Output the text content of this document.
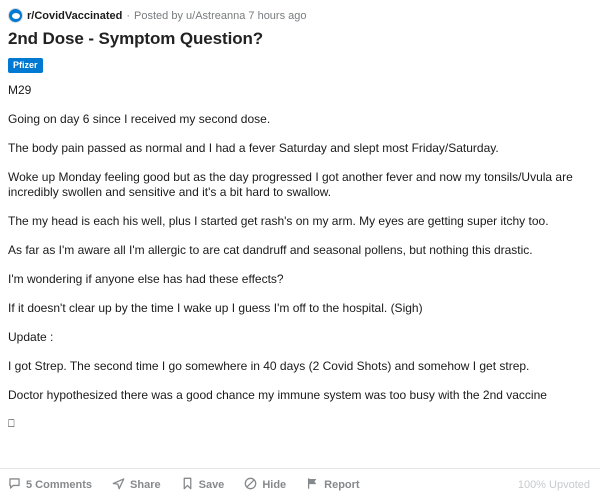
r/CovidVaccinated · Posted by u/Astreanna 7 hours ago
2nd Dose - Symptom Question?
Pfizer

M29

Going on day 6 since I received my second dose.

The body pain passed as normal and I had a fever Saturday and slept most Friday/Saturday.

Woke up Monday feeling good but as the day progressed I got another fever and now my tonsils/Uvula are incredibly swollen and sensitive and it's a bit hard to swallow.

The my head is each his well, plus I started get rash's on my arm. My eyes are getting super itchy too.

As far as I'm aware all I'm allergic to are cat dandruff and seasonal pollens, but nothing this drastic.

I'm wondering if anyone else has had these effects?

If it doesn't clear up by the time I wake up I guess I'm off to the hospital. (Sigh)

Update :

I got Strep. The second time I go somewhere in 40 days (2 Covid Shots) and somehow I get strep.

Doctor hypothesized there was a good chance my immune system was too busy with the 2nd vaccine

⎕

5 Comments	Share	Save	Hide	Report	100% Upvoted
